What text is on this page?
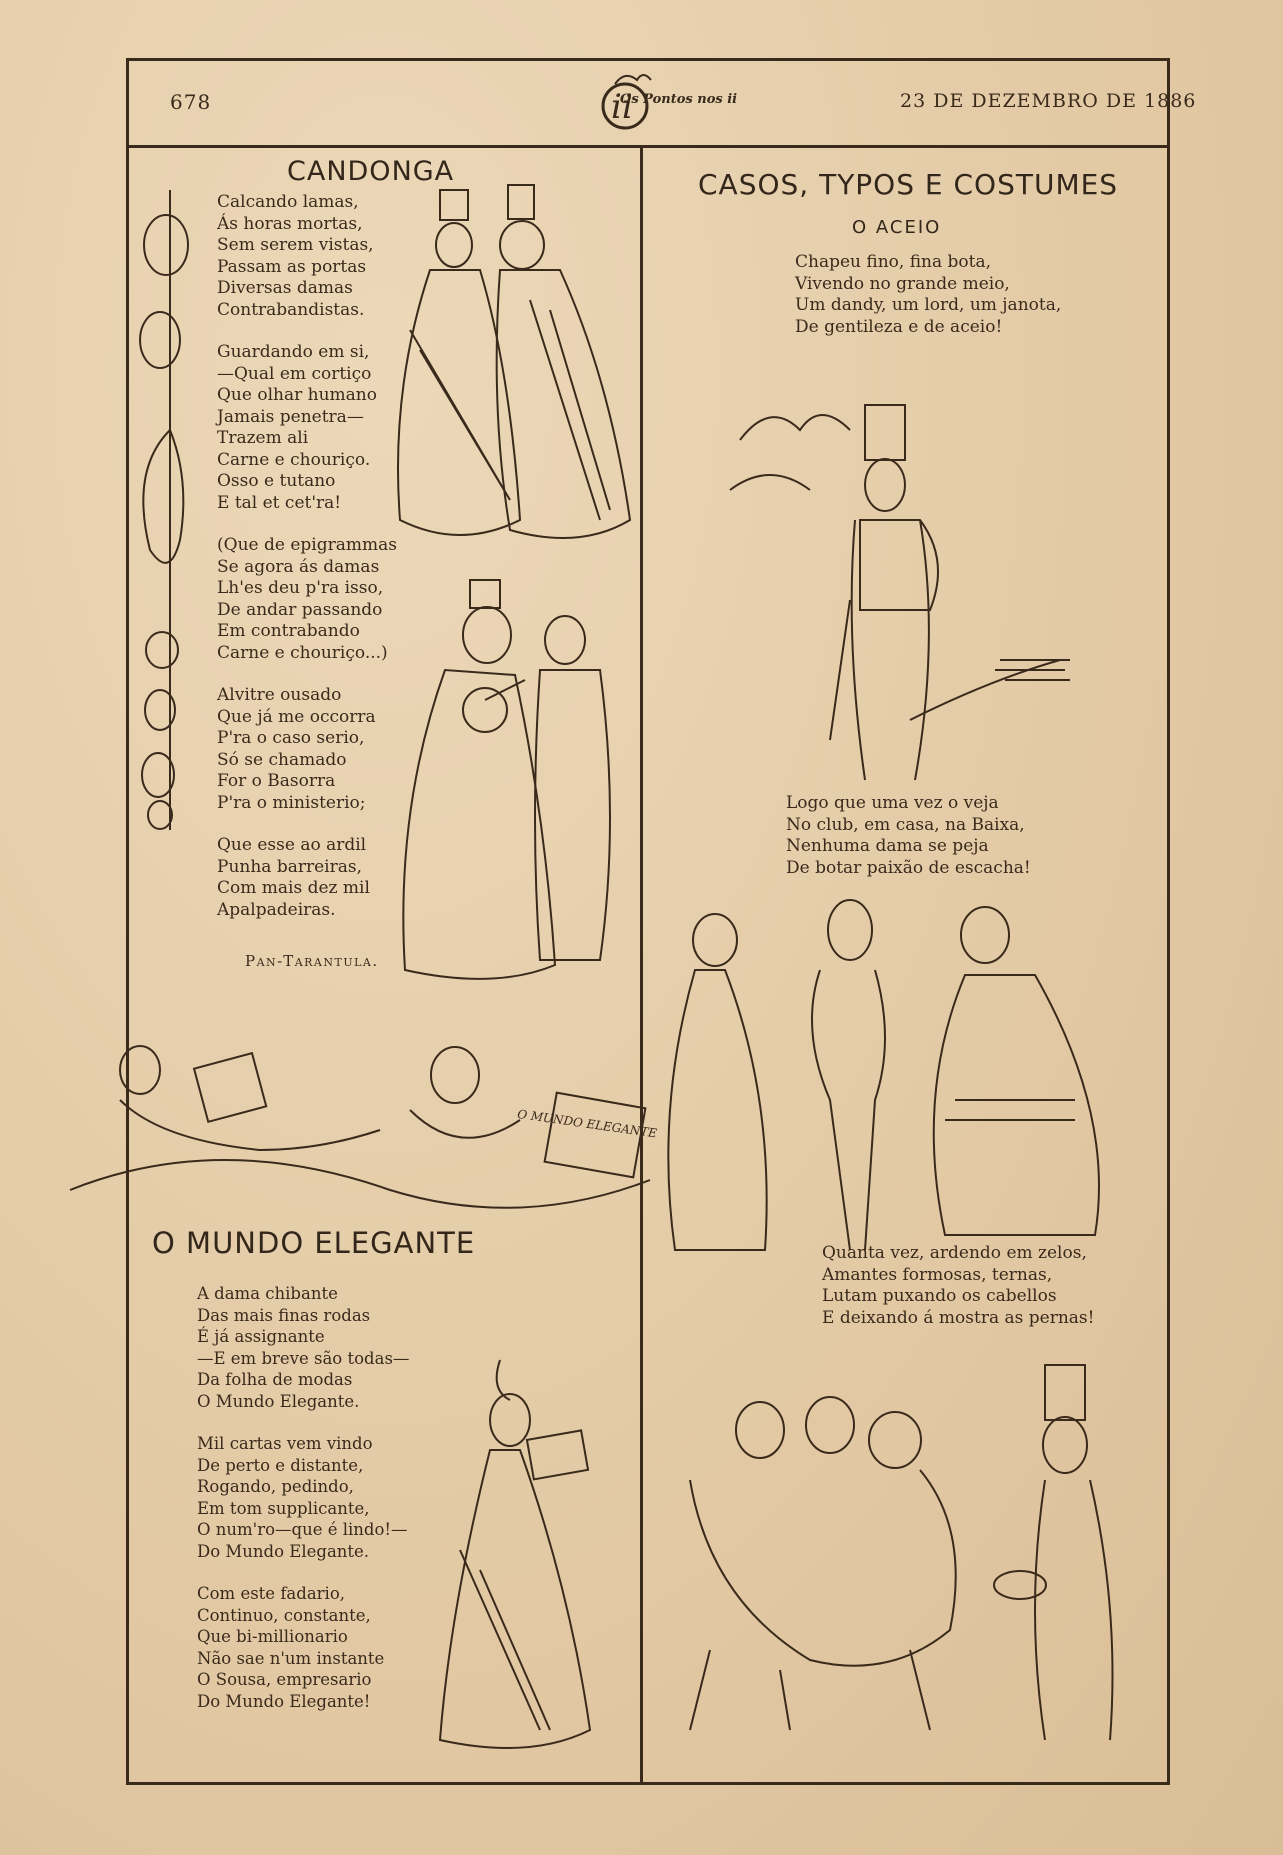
678	ii
Os Pontos nos ii	23 DE DEZEMBRO DE 1886
CANDONGA
Calcando lamas,
Ás horas mortas,
Sem serem vistas,
Passam as portas
Diversas damas
Contrabandistas.
Guardando em si,
—Qual em cortiço
Que olhar humano
Jamais penetra—
Trazem ali
Carne e chouriço.
Osso e tutano
E tal et cet'ra!
(Que de epigrammas
Se agora ás damas
Lh'es deu p'ra isso,
De andar passando
Em contrabando
Carne e chouriço...)
Alvitre ousado
Que já me occorra
P'ra o caso serio,
Só se chamado
For o Basorra
P'ra o ministerio;
Que esse ao ardil
Punha barreiras,
Com mais dez mil
Apalpadeiras.
Pan-Tarantula.
CASOS, TYPOS E COSTUMES
O ACEIO
Chapeu fino, fina bota,
Vivendo no grande meio,
Um dandy, um lord, um janota,
De gentileza e de aceio!
Logo que uma vez o veja
No club, em casa, na Baixa,
Nenhuma dama se peja
De botar paixão de escacha!
Quanta vez, ardendo em zelos,
Amantes formosas, ternas,
Lutam puxando os cabellos
E deixando á mostra as pernas!
O MUNDO ELEGANTE
O MUNDO ELEGANTE
A dama chibante
Das mais finas rodas
É já assignante
—E em breve são todas—
Da folha de modas
O Mundo Elegante.
Mil cartas vem vindo
De perto e distante,
Rogando, pedindo,
Em tom supplicante,
O num'ro—que é lindo!—
Do Mundo Elegante.
Com este fadario,
Continuo, constante,
Que bi-millionario
Não sae n'um instante
O Sousa, empresario
Do Mundo Elegante!
